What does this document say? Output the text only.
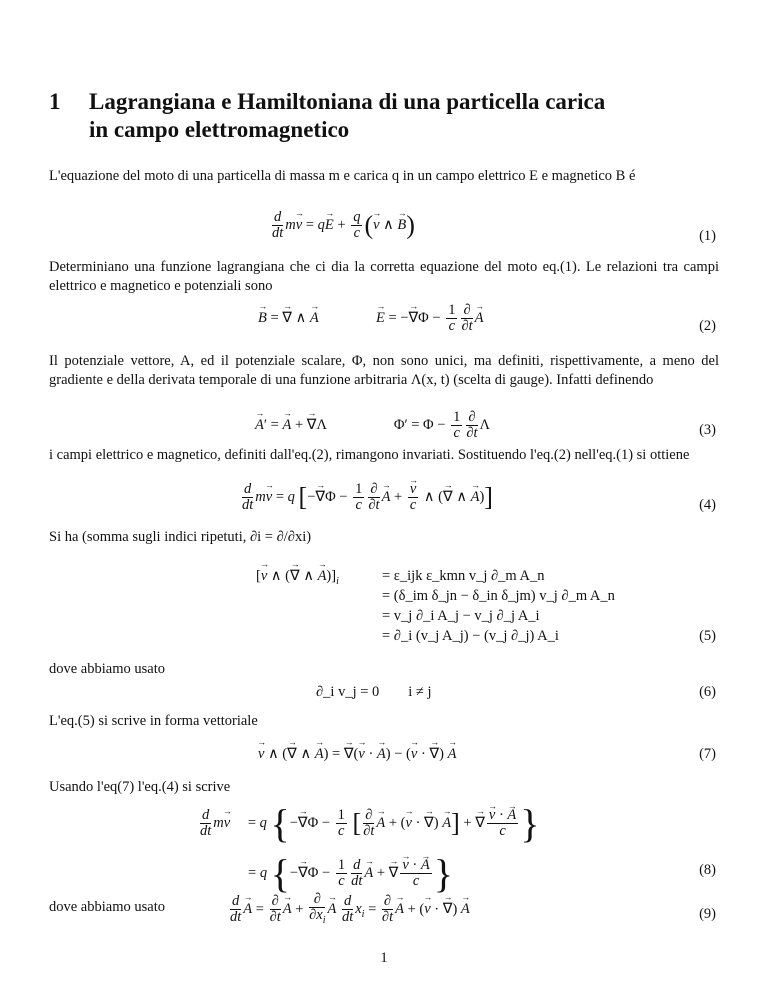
1 Lagrangiana e Hamiltoniana di una particella carica in campo elettromagnetico
L'equazione del moto di una particella di massa m e carica q in un campo elettrico E e magnetico B é
$\frac{d}{dt} m\to v = q\to E + \frac{q}{c}$ (→ v ∧ → B)	(1)
Determiniano una funzione lagrangiana che ci dia la corretta equazione del moto eq.(1). Le relazioni tra campi elettrico e magnetico e potenziali sono
→ B = → ∇ ∧ → A  →	E = −→ $\nabla\Phi - \frac{1}{c} \frac{\partial}{\partial t}$
→ A
(2)
Il potenziale vettore, A, ed il potenziale scalare, Φ, non sono unici, ma definiti, rispettivamente, a meno del gradiente e della derivata temporale di una funzione arbitraria Λ(x, t) (scelta di gauge). Infatti definendo
→ A′ = → A + → ∇Λ	$\Phi' = \Phi - \frac{1}{c} \frac{\partial}{\partial t}$ Λ	(3)
i campi elettrico e magnetico, definiti dall'eq.(2), rimangono invariati. Sostituendo l'eq.(2) nell'eq.(1) si ottiene
$\frac{d}{dt} m\to v = q$ [−→ $\nabla\Phi - \frac{1}{c} \frac{\partial}{\partial t}$
→ A +
→ $\frac{v}{c}$ ∧ (→ ∇ ∧ → A)]	(4)
Si ha (somma sugli indici ripetuti, ∂i = ∂/∂xi)
[→ v ∧ (→ ∇ ∧ → $A)]_i$	= ε_ijk ε_kmn v_j ∂_m A_n
= (δ_im δ_jn − δ_in δ_jm) v_j ∂_m A_n
= v_j ∂_i A_j − v_j ∂_j A_i
= ∂_i (v_j A_j) − (v_j ∂_j) A_i	(5)
dove abbiamo usato
∂_i v_j = 0        i ≠ j	(6)
L'eq.(5) si scrive in forma vettoriale
→ v ∧ (→ ∇ ∧ → A) = → ∇(→ v · → A) − (→ v · → ∇) → A	(7)
Usando l'eq(7) l'eq.(4) si scrive
$\frac{d}{dt} m\to v = q$ {−→ $\nabla\Phi - \frac{1}{c}$ [ $\frac{\partial}{\partial t}$
→ A + (→ v · → ∇) → A] + → ∇
→ $\frac{v \cdot \to A}{c}$ }
= q {−→ $\nabla\Phi - \frac{1}{c} \frac{d}{dt}$
→ A + → ∇
→ $\frac{v \cdot \to A}{c}$ }	(8)
dove abbiamo usato	$\frac{d}{dt}$
→ $A = \frac{\partial}{\partial t}$
→ $A + \frac{\partial}{\partial x_i}$
→ A $\frac{d}{dt} x_i = \frac{\partial}{\partial t}$
→ A + (→ v · → ∇) → A	(9)
1
